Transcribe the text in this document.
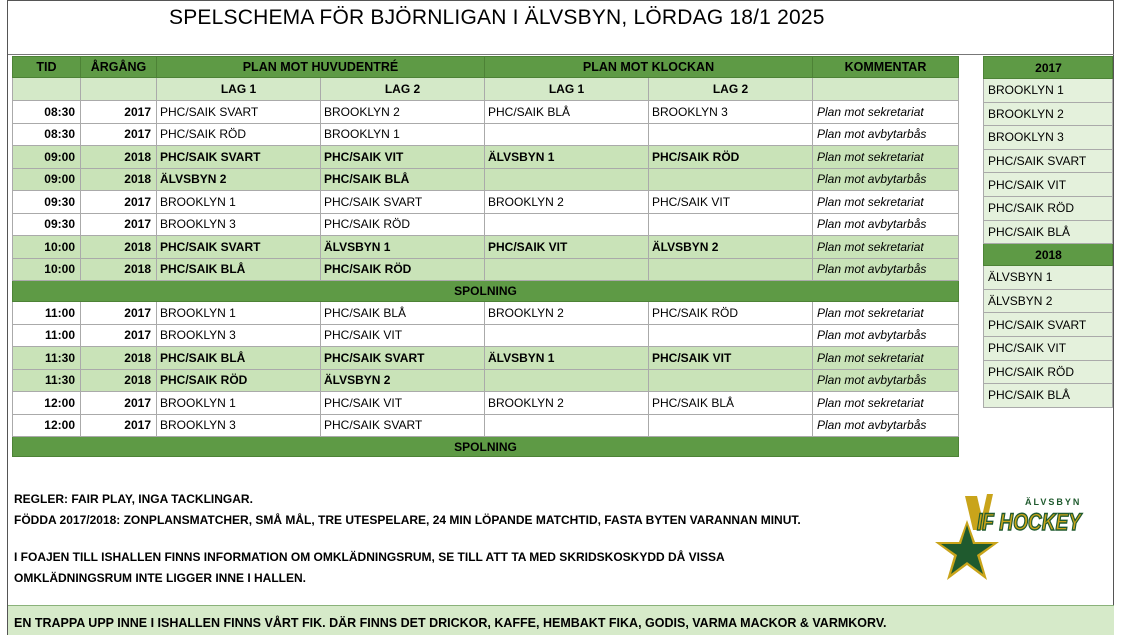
SPELSCHEMA FÖR BJÖRNLIGAN I ÄLVSBYN, LÖRDAG 18/1 2025
TID	ÅRGÅNG	PLAN MOT HUVUDENTRÉ		PLAN MOT KLOCKAN		KOMMENTAR
		LAG 1	LAG 2	LAG 1	LAG 2	
08:30	2017	PHC/SAIK SVART	BROOKLYN 2	PHC/SAIK BLÅ	BROOKLYN 3	Plan mot sekretariat
08:30	2017	PHC/SAIK RÖD	BROOKLYN 1			Plan mot avbytarbås
09:00	2018	PHC/SAIK SVART	PHC/SAIK VIT	ÄLVSBYN 1	PHC/SAIK RÖD	Plan mot sekretariat
09:00	2018	ÄLVSBYN 2	PHC/SAIK BLÅ			Plan mot avbytarbås
09:30	2017	BROOKLYN 1	PHC/SAIK SVART	BROOKLYN 2	PHC/SAIK VIT	Plan mot sekretariat
09:30	2017	BROOKLYN 3	PHC/SAIK RÖD			Plan mot avbytarbås
10:00	2018	PHC/SAIK SVART	ÄLVSBYN 1	PHC/SAIK VIT	ÄLVSBYN 2	Plan mot sekretariat
10:00	2018	PHC/SAIK BLÅ	PHC/SAIK RÖD			Plan mot avbytarbås
SPOLNING						
11:00	2017	BROOKLYN 1	PHC/SAIK BLÅ	BROOKLYN 2	PHC/SAIK RÖD	Plan mot sekretariat
11:00	2017	BROOKLYN 3	PHC/SAIK VIT			Plan mot avbytarbås
11:30	2018	PHC/SAIK BLÅ	PHC/SAIK SVART	ÄLVSBYN 1	PHC/SAIK VIT	Plan mot sekretariat
11:30	2018	PHC/SAIK RÖD	ÄLVSBYN 2			Plan mot avbytarbås
12:00	2017	BROOKLYN 1	PHC/SAIK VIT	BROOKLYN 2	PHC/SAIK BLÅ	Plan mot sekretariat
12:00	2017	BROOKLYN 3	PHC/SAIK SVART			Plan mot avbytarbås
SPOLNING						
2017
BROOKLYN 1
BROOKLYN 2
BROOKLYN 3
PHC/SAIK SVART
PHC/SAIK VIT
PHC/SAIK RÖD
PHC/SAIK BLÅ
2018
ÄLVSBYN 1
ÄLVSBYN 2
PHC/SAIK SVART
PHC/SAIK VIT
PHC/SAIK RÖD
PHC/SAIK BLÅ
REGLER: FAIR PLAY, INGA TACKLINGAR.
FÖDDA 2017/2018: ZONPLANSMATCHER, SMÅ MÅL, TRE UTESPELARE, 24 MIN LÖPANDE MATCHTID, FASTA BYTEN VARANNAN MINUT.
I FOAJEN TILL ISHALLEN FINNS INFORMATION OM OMKLÄDNINGSRUM, SE TILL ATT TA MED SKRIDSKOSKYDD DÅ VISSA
OMKLÄDNINGSRUM INTE LIGGER INNE I HALLEN.
EN TRAPPA UPP INNE I ISHALLEN FINNS VÅRT FIK. DÄR FINNS DET DRICKOR, KAFFE, HEMBAKT FIKA, GODIS, VARMA MACKOR & VARMKORV.
ÄLVSBYN
IF HOCKEY
